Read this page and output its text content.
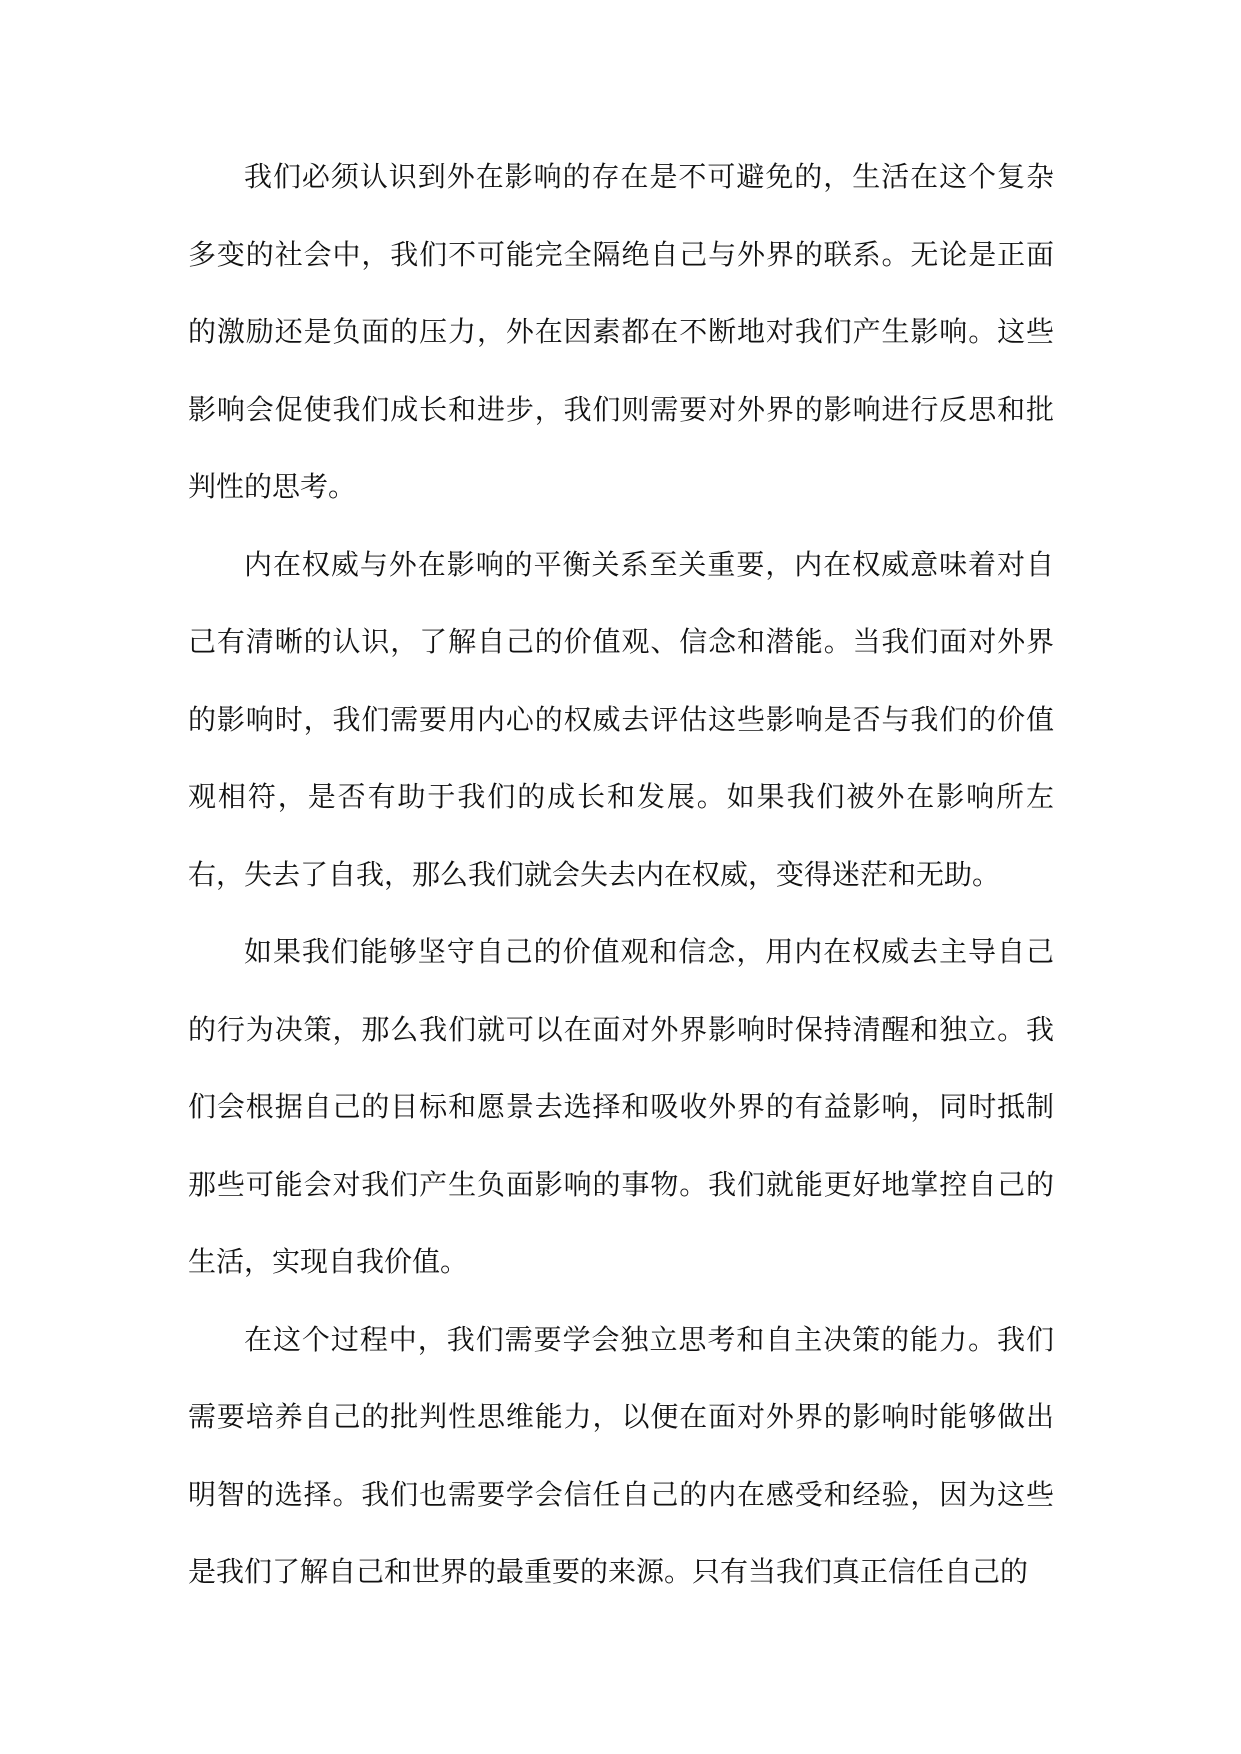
我们必须认识到外在影响的存在是不可避免的，生活在这个复杂多变的社会中，我们不可能完全隔绝自己与外界的联系。无论是正面的激励还是负面的压力，外在因素都在不断地对我们产生影响。这些影响会促使我们成长和进步，我们则需要对外界的影响进行反思和批判性的思考。

内在权威与外在影响的平衡关系至关重要，内在权威意味着对自己有清晰的认识，了解自己的价值观、信念和潜能。当我们面对外界的影响时，我们需要用内心的权威去评估这些影响是否与我们的价值观相符，是否有助于我们的成长和发展。如果我们被外在影响所左右，失去了自我，那么我们就会失去内在权威，变得迷茫和无助。

如果我们能够坚守自己的价值观和信念，用内在权威去主导自己的行为决策，那么我们就可以在面对外界影响时保持清醒和独立。我们会根据自己的目标和愿景去选择和吸收外界的有益影响，同时抵制那些可能会对我们产生负面影响的事物。我们就能更好地掌控自己的生活，实现自我价值。

在这个过程中，我们需要学会独立思考和自主决策的能力。我们需要培养自己的批判性思维能力，以便在面对外界的影响时能够做出明智的选择。我们也需要学会信任自己的内在感受和经验，因为这些是我们了解自己和世界的最重要的来源。只有当我们真正信任自己的
